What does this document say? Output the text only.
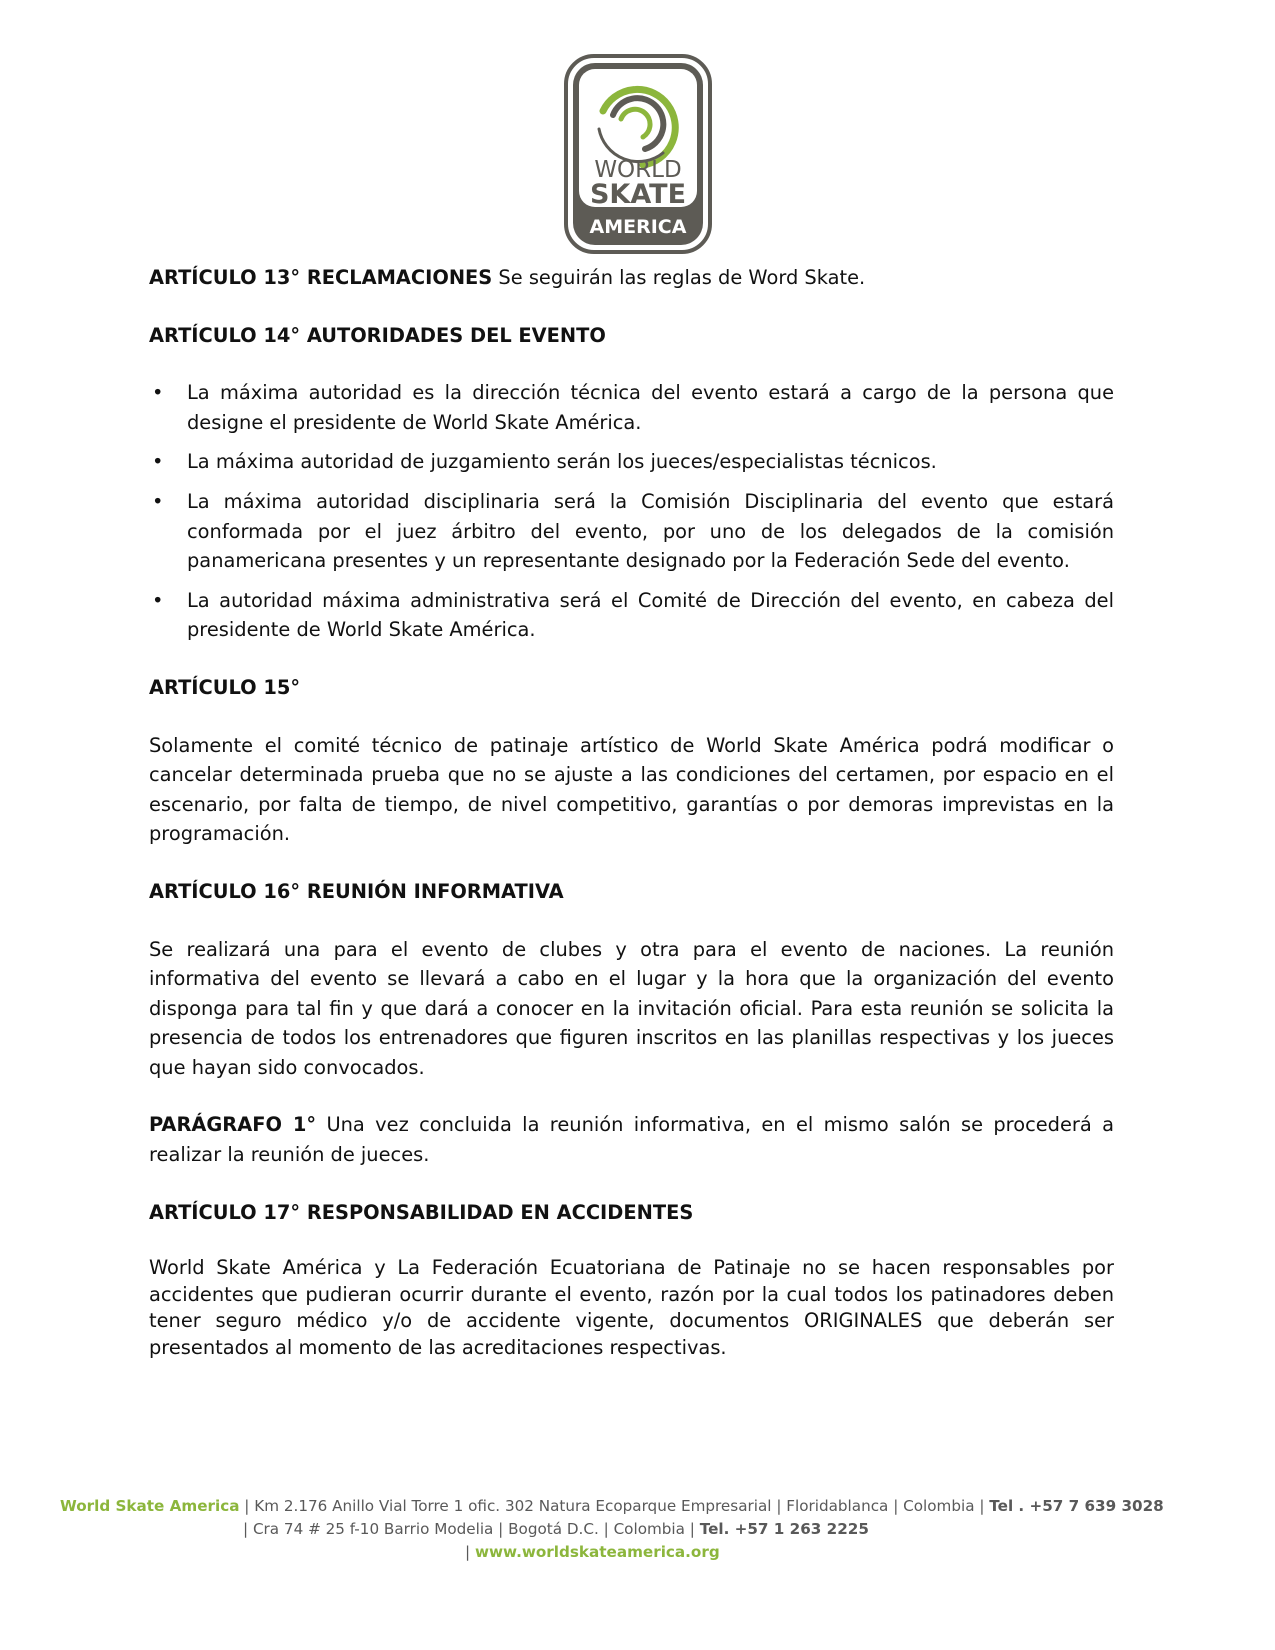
WORLD
SKATE
AMERICA

ARTÍCULO 13° RECLAMACIONES Se seguirán las reglas de Word Skate.

ARTÍCULO 14° AUTORIDADES DEL EVENTO

• La máxima autoridad es la dirección técnica del evento estará a cargo de la persona que designe el presidente de World Skate América.
• La máxima autoridad de juzgamiento serán los jueces/especialistas técnicos.
• La máxima autoridad disciplinaria será la Comisión Disciplinaria del evento que estará conformada por el juez árbitro del evento, por uno de los delegados de la comisión panamericana presentes y un representante designado por la Federación Sede del evento.
• La autoridad máxima administrativa será el Comité de Dirección del evento, en cabeza del presidente de World Skate América.

ARTÍCULO 15°

Solamente el comité técnico de patinaje artístico de World Skate América podrá modificar o cancelar determinada prueba que no se ajuste a las condiciones del certamen, por espacio en el escenario, por falta de tiempo, de nivel competitivo, garantías o por demoras imprevistas en la programación.

ARTÍCULO 16° REUNIÓN INFORMATIVA

Se realizará una para el evento de clubes y otra para el evento de naciones. La reunión informativa del evento se llevará a cabo en el lugar y la hora que la organización del evento disponga para tal fin y que dará a conocer en la invitación oficial. Para esta reunión se solicita la presencia de todos los entrenadores que figuren inscritos en las planillas respectivas y los jueces que hayan sido convocados.

PARÁGRAFO 1° Una vez concluida la reunión informativa, en el mismo salón se procederá a realizar la reunión de jueces.

ARTÍCULO 17° RESPONSABILIDAD EN ACCIDENTES

World Skate América y La Federación Ecuatoriana de Patinaje no se hacen responsables por accidentes que pudieran ocurrir durante el evento, razón por la cual todos los patinadores deben tener seguro médico y/o de accidente vigente, documentos ORIGINALES que deberán ser presentados al momento de las acreditaciones respectivas.

World Skate America | Km 2.176 Anillo Vial Torre 1 ofic. 302 Natura Ecoparque Empresarial | Floridablanca | Colombia | Tel . +57 7 639 3028
| Cra 74 # 25 f-10 Barrio Modelia | Bogotá D.C. | Colombia | Tel. +57 1 263 2225
| www.worldskateamerica.org
